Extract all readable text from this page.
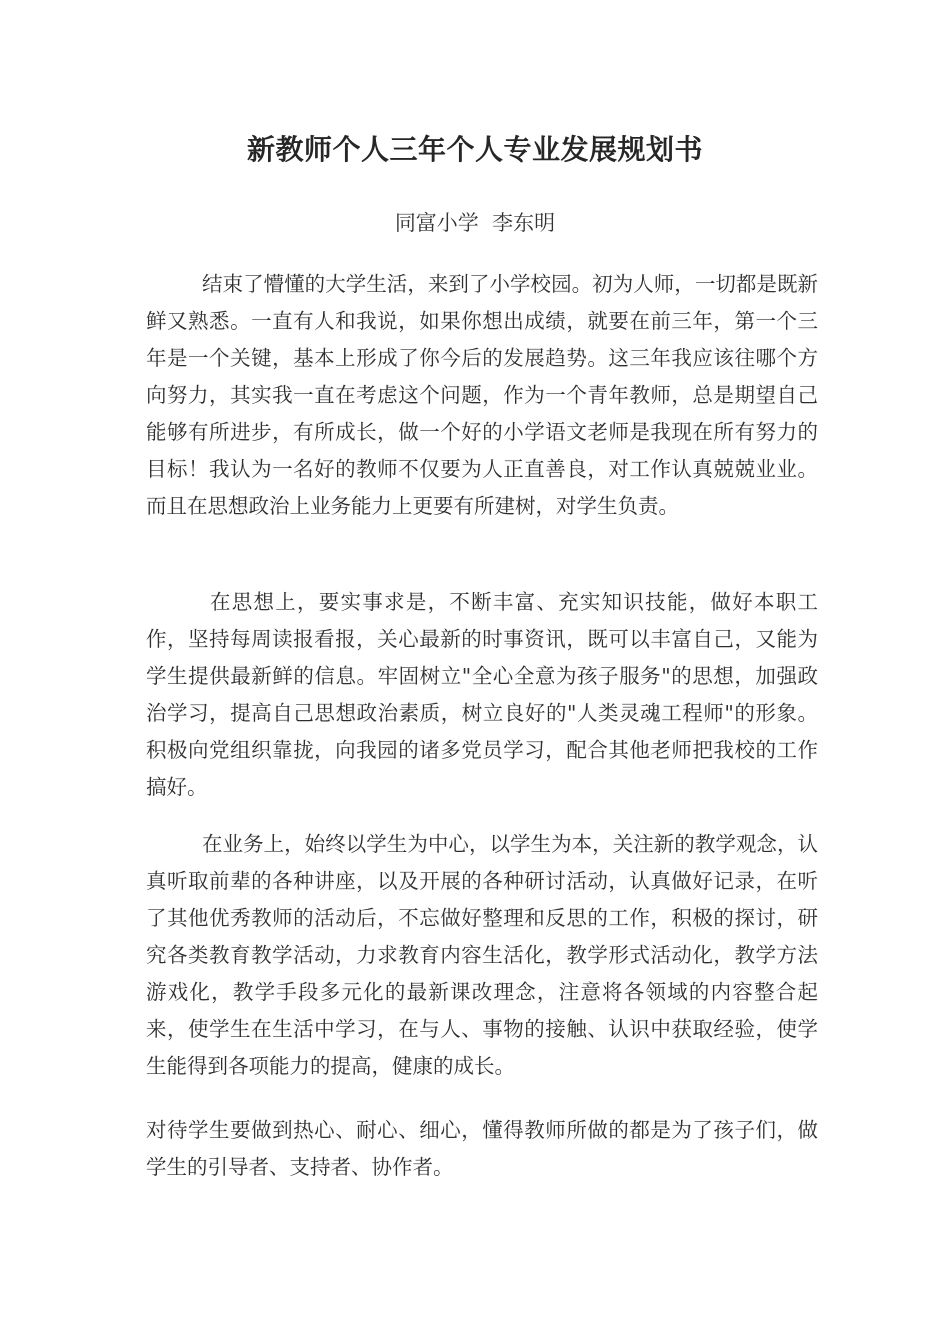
新教师个人三年个人专业发展规划书
同富小学  李东明

结束了懵懂的大学生活，来到了小学校园。初为人师，一切都是既新鲜又熟悉。一直有人和我说，如果你想出成绩，就要在前三年，第一个三年是一个关键，基本上形成了你今后的发展趋势。这三年我应该往哪个方向努力，其实我一直在考虑这个问题，作为一个青年教师，总是期望自己能够有所进步，有所成长，做一个好的小学语文老师是我现在所有努力的目标！我认为一名好的教师不仅要为人正直善良，对工作认真兢兢业业。而且在思想政治上业务能力上更要有所建树，对学生负责。

在思想上，要实事求是，不断丰富、充实知识技能，做好本职工作，坚持每周读报看报，关心最新的时事资讯，既可以丰富自己，又能为学生提供最新鲜的信息。牢固树立"全心全意为孩子服务"的思想，加强政治学习，提高自己思想政治素质，树立良好的"人类灵魂工程师"的形象。积极向党组织靠拢，向我园的诸多党员学习，配合其他老师把我校的工作搞好。

在业务上，始终以学生为中心，以学生为本，关注新的教学观念，认真听取前辈的各种讲座，以及开展的各种研讨活动，认真做好记录，在听了其他优秀教师的活动后，不忘做好整理和反思的工作，积极的探讨，研究各类教育教学活动，力求教育内容生活化，教学形式活动化，教学方法游戏化，教学手段多元化的最新课改理念，注意将各领域的内容整合起来，使学生在生活中学习，在与人、事物的接触、认识中获取经验，使学生能得到各项能力的提高，健康的成长。

对待学生要做到热心、耐心、细心，懂得教师所做的都是为了孩子们，做学生的引导者、支持者、协作者。
